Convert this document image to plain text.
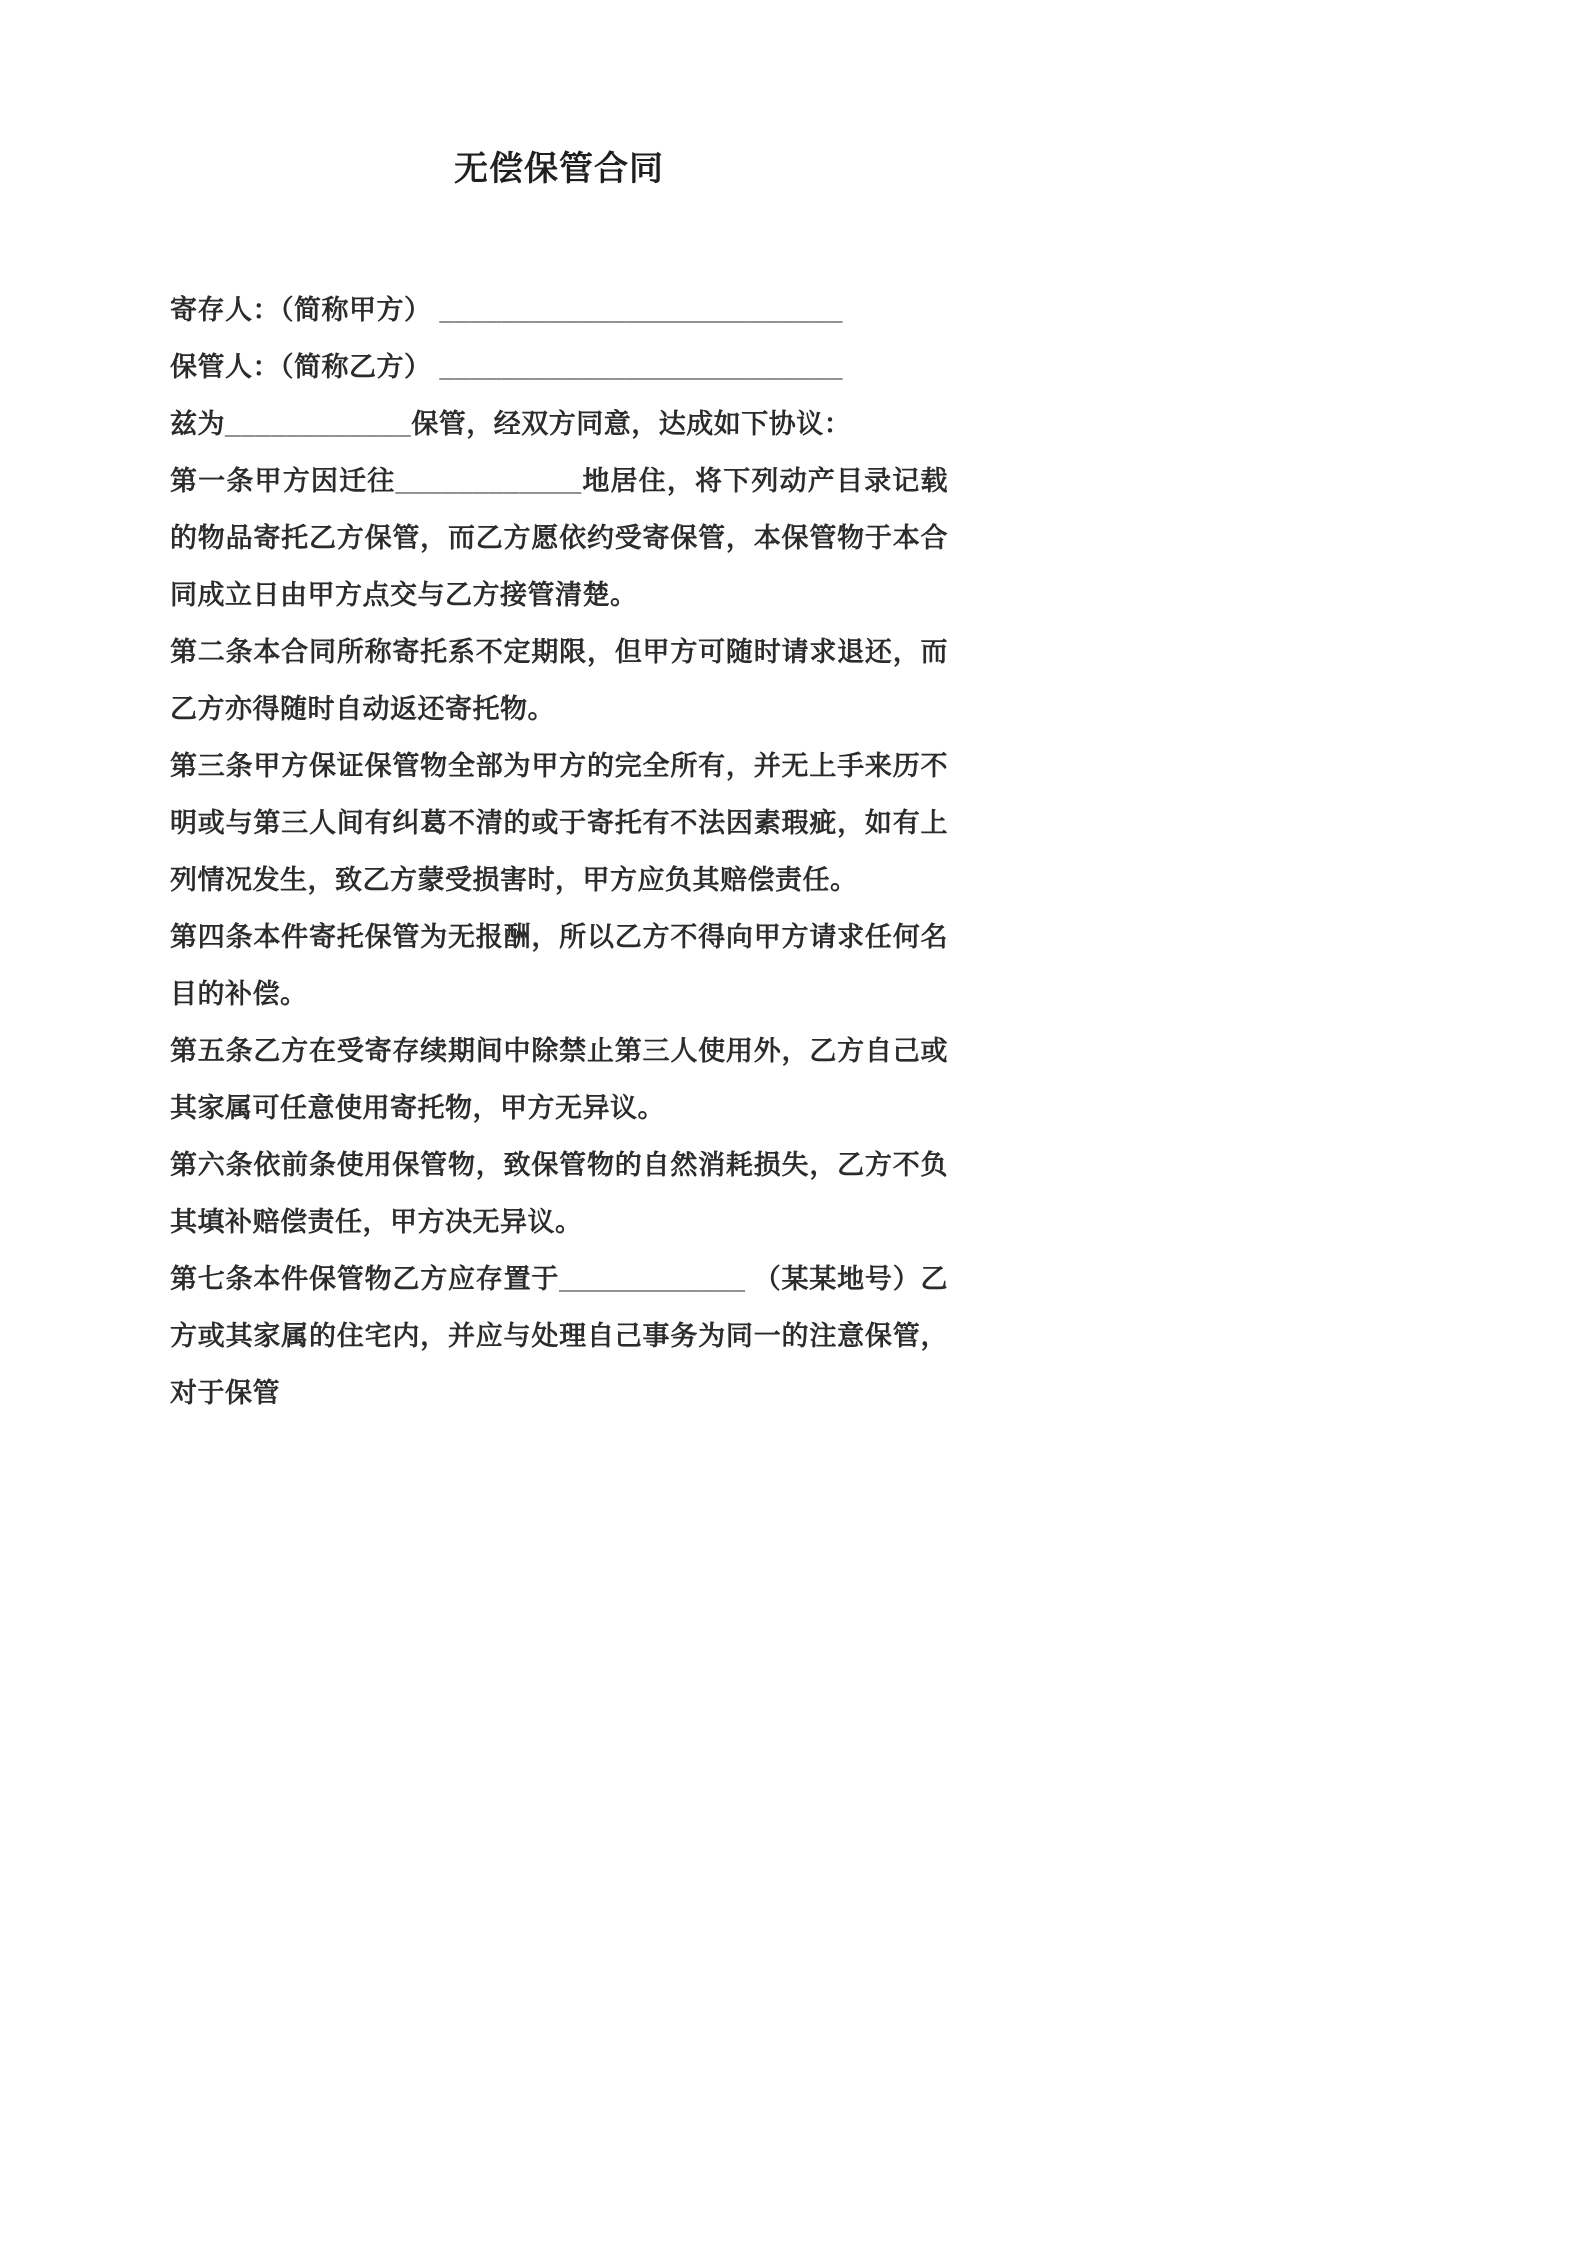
无偿保管合同

寄存人：（简称甲方） __________________________

保管人：（简称乙方） __________________________

兹为____________保管，经双方同意，达成如下协议：

第一条甲方因迁往____________地居住，将下列动产目录记载的物品寄托乙方保管，而乙方愿依约受寄保管，本保管物于本合同成立日由甲方点交与乙方接管清楚。

第二条本合同所称寄托系不定期限，但甲方可随时请求退还，而乙方亦得随时自动返还寄托物。

第三条甲方保证保管物全部为甲方的完全所有，并无上手来历不明或与第三人间有纠葛不清的或于寄托有不法因素瑕疵，如有上列情况发生，致乙方蒙受损害时，甲方应负其赔偿责任。

第四条本件寄托保管为无报酬，所以乙方不得向甲方请求任何名目的补偿。

第五条乙方在受寄存续期间中除禁止第三人使用外，乙方自己或其家属可任意使用寄托物，甲方无异议。

第六条依前条使用保管物，致保管物的自然消耗损失，乙方不负其填补赔偿责任，甲方决无异议。

第七条本件保管物乙方应存置于____________ （某某地号）乙方或其家属的住宅内，并应与处理自己事务为同一的注意保管，对于保管
